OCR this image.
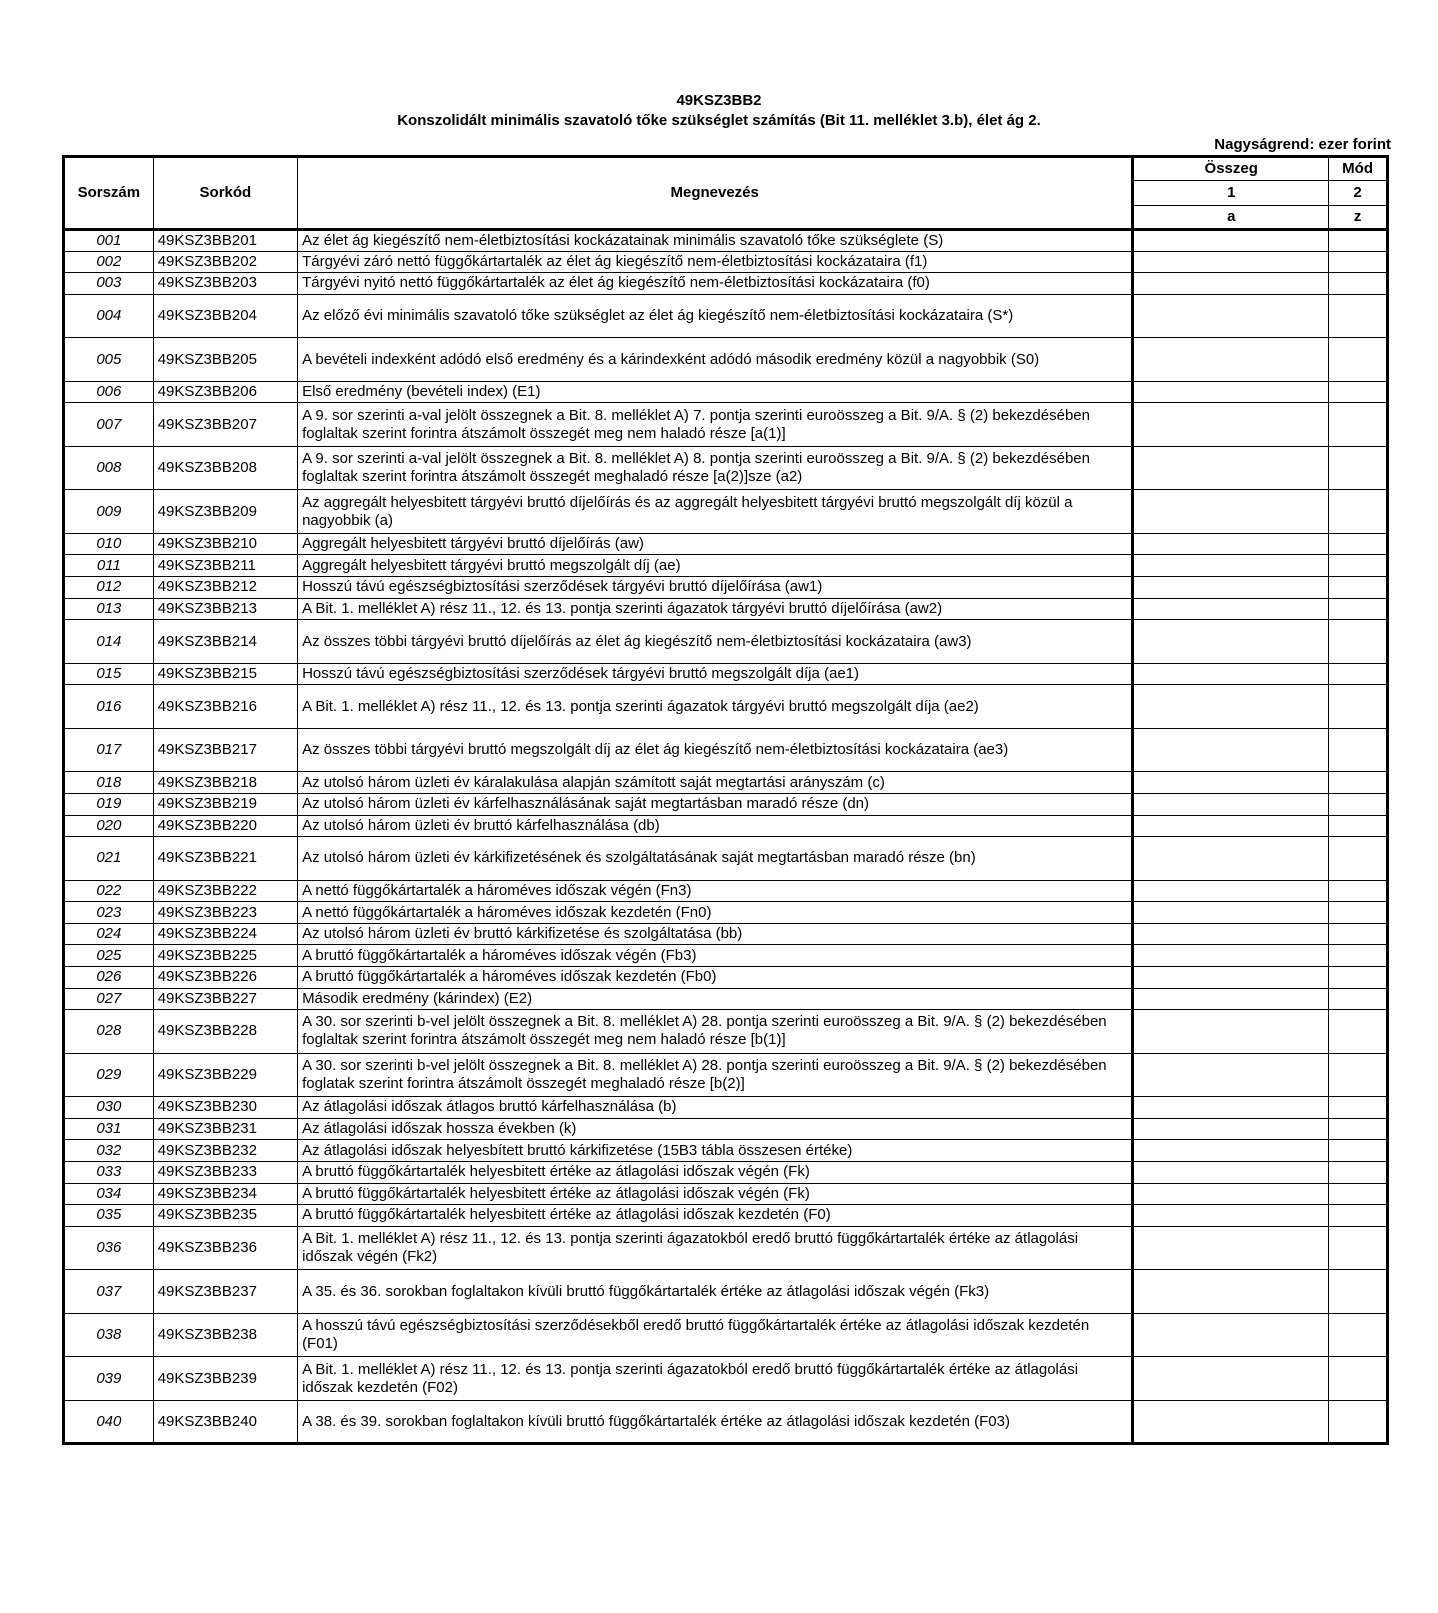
49KSZ3BB2
Konszolidált minimális szavatoló tőke szükséglet számítás (Bit 11. melléklet 3.b), élet ág 2.
Nagyságrend: ezer forint
Sorszám	Sorkód	Megnevezés	Összeg	Mód
			1	2
			a	z
001	49KSZ3BB201	Az élet ág kiegészítő nem-életbiztosítási kockázatainak minimális szavatoló tőke szükséglete (S)		
002	49KSZ3BB202	Tárgyévi záró nettó függőkártartalék az élet ág kiegészítő nem-életbiztosítási kockázataira (f1)		
003	49KSZ3BB203	Tárgyévi nyitó nettó függőkártartalék az élet ág kiegészítő nem-életbiztosítási kockázataira (f0)		
004	49KSZ3BB204	Az előző évi minimális szavatoló tőke szükséglet az élet ág kiegészítő nem-életbiztosítási kockázataira (S*)		
005	49KSZ3BB205	A bevételi indexként adódó első eredmény és a kárindexként adódó második eredmény közül a nagyobbik (S0)		
006	49KSZ3BB206	Első eredmény (bevételi index) (E1)		
007	49KSZ3BB207	A 9. sor szerinti a-val jelölt összegnek a Bit. 8. melléklet A) 7. pontja szerinti euroösszeg a Bit. 9/A. § (2) bekezdésében foglaltak szerint forintra átszámolt összegét meg nem haladó része [a(1)]		
008	49KSZ3BB208	A 9. sor szerinti a-val jelölt összegnek a Bit. 8. melléklet A) 8. pontja szerinti euroösszeg a Bit. 9/A. § (2) bekezdésében foglaltak szerint forintra átszámolt összegét meghaladó része [a(2)]sze (a2)		
009	49KSZ3BB209	Az aggregált helyesbitett tárgyévi bruttó díjelőírás és az aggregált helyesbitett tárgyévi bruttó megszolgált díj közül a nagyobbik (a)		
010	49KSZ3BB210	Aggregált helyesbitett tárgyévi bruttó díjelőírás (aw)		
011	49KSZ3BB211	Aggregált helyesbitett tárgyévi bruttó megszolgált díj (ae)		
012	49KSZ3BB212	Hosszú távú egészségbiztosítási szerződések tárgyévi bruttó díjelőírása (aw1)		
013	49KSZ3BB213	A Bit. 1. melléklet A) rész 11., 12. és 13. pontja szerinti ágazatok tárgyévi bruttó díjelőírása (aw2)		
014	49KSZ3BB214	Az összes többi tárgyévi bruttó díjelőírás az élet ág kiegészítő nem-életbiztosítási kockázataira (aw3)		
015	49KSZ3BB215	Hosszú távú egészségbiztosítási szerződések tárgyévi bruttó megszolgált díja (ae1)		
016	49KSZ3BB216	A Bit. 1. melléklet A) rész 11., 12. és 13. pontja szerinti ágazatok tárgyévi bruttó megszolgált díja (ae2)		
017	49KSZ3BB217	Az összes többi tárgyévi bruttó megszolgált díj az élet ág kiegészítő nem-életbiztosítási kockázataira (ae3)		
018	49KSZ3BB218	Az utolsó három üzleti év káralakulása alapján számított saját megtartási arányszám (c)		
019	49KSZ3BB219	Az utolsó három üzleti év kárfelhasználásának saját megtartásban maradó része (dn)		
020	49KSZ3BB220	Az utolsó három üzleti év bruttó kárfelhasználása (db)		
021	49KSZ3BB221	Az utolsó három üzleti év kárkifizetésének és szolgáltatásának saját megtartásban maradó része (bn)		
022	49KSZ3BB222	A nettó függőkártartalék a hároméves időszak végén (Fn3)		
023	49KSZ3BB223	A nettó függőkártartalék a hároméves időszak kezdetén (Fn0)		
024	49KSZ3BB224	Az utolsó három üzleti év bruttó kárkifizetése és szolgáltatása (bb)		
025	49KSZ3BB225	A bruttó függőkártartalék a hároméves időszak végén (Fb3)		
026	49KSZ3BB226	A bruttó függőkártartalék a hároméves időszak kezdetén (Fb0)		
027	49KSZ3BB227	Második eredmény (kárindex) (E2)		
028	49KSZ3BB228	A 30. sor szerinti b-vel jelölt összegnek a Bit. 8. melléklet A) 28. pontja szerinti euroösszeg a Bit. 9/A. § (2) bekezdésében foglaltak szerint forintra átszámolt összegét meg nem haladó része [b(1)]		
029	49KSZ3BB229	A 30. sor szerinti b-vel jelölt összegnek a Bit. 8. melléklet A) 28. pontja szerinti euroösszeg a Bit. 9/A. § (2) bekezdésében foglatak szerint forintra átszámolt összegét meghaladó része [b(2)]		
030	49KSZ3BB230	Az átlagolási időszak átlagos bruttó kárfelhasználása (b)		
031	49KSZ3BB231	Az átlagolási időszak hossza években (k)		
032	49KSZ3BB232	Az átlagolási időszak helyesbített bruttó kárkifizetése (15B3 tábla összesen értéke)		
033	49KSZ3BB233	A bruttó függőkártartalék helyesbitett értéke az átlagolási időszak végén (Fk)		
034	49KSZ3BB234	A bruttó függőkártartalék helyesbitett értéke az átlagolási időszak végén (Fk)		
035	49KSZ3BB235	A bruttó függőkártartalék helyesbitett értéke az átlagolási időszak kezdetén (F0)		
036	49KSZ3BB236	A Bit. 1. melléklet A) rész 11., 12. és 13. pontja szerinti ágazatokból eredő bruttó függőkártartalék értéke az átlagolási időszak végén (Fk2)		
037	49KSZ3BB237	A 35. és 36. sorokban foglaltakon kívüli bruttó függőkártartalék értéke az átlagolási időszak végén (Fk3)		
038	49KSZ3BB238	A hosszú távú egészségbiztosítási szerződésekből eredő bruttó függőkártartalék értéke az átlagolási időszak kezdetén (F01)		
039	49KSZ3BB239	A Bit. 1. melléklet A) rész 11., 12. és 13. pontja szerinti ágazatokból eredő bruttó függőkártartalék értéke az átlagolási időszak kezdetén (F02)		
040	49KSZ3BB240	A 38. és 39. sorokban foglaltakon kívüli bruttó függőkártartalék értéke az átlagolási időszak kezdetén (F03)		
